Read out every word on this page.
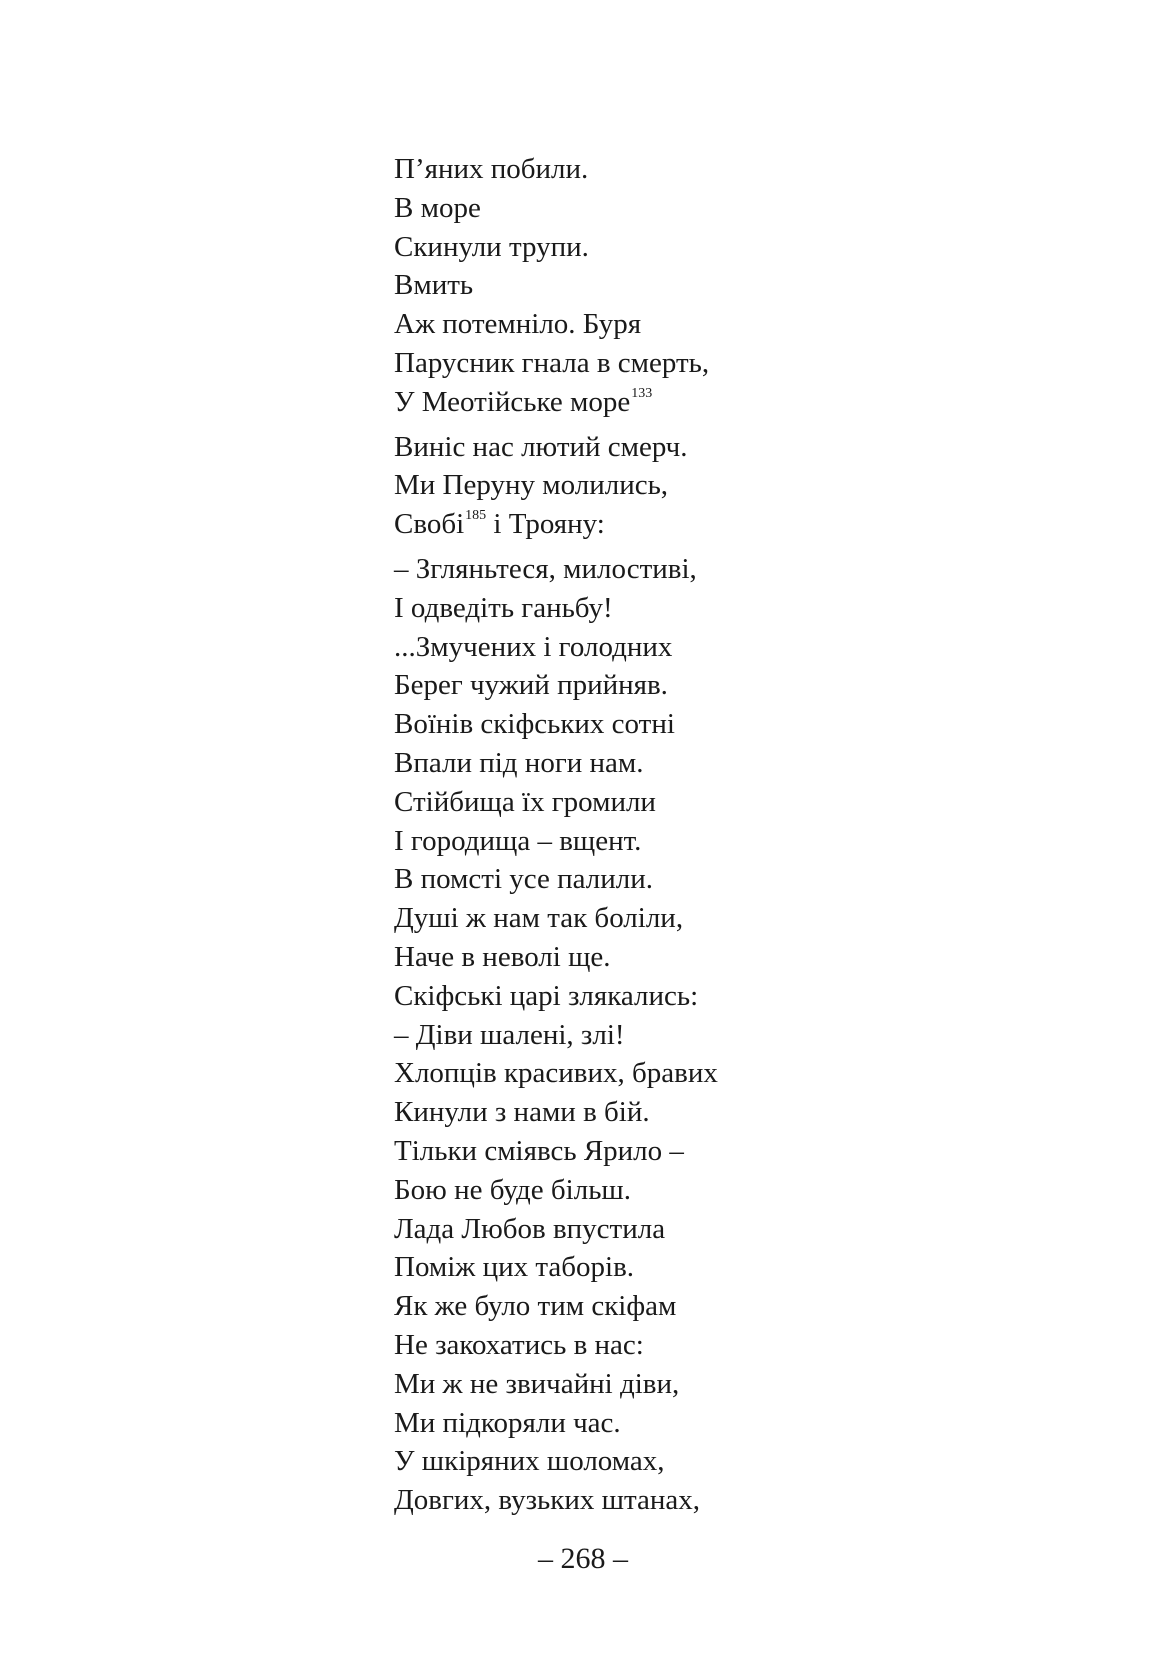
П’яних побили.
В море
Скинули трупи.
Вмить
Аж потемніло. Буря
Парусник гнала в смерть,
У Меотійське море$^{133}$
Виніс нас лютий смерч.
Ми Перуну молились,
Свобі$^{185}$ і Трояну:
– Згляньтеся, милостиві,
І одведіть ганьбу!
...Змучених і голодних
Берег чужий прийняв.
Воїнів скіфських сотні
Впали під ноги нам.
Стійбища їх громили
І городища – вщент.
В помсті усе палили.
Душі ж нам так боліли,
Наче в неволі ще.
Скіфські царі злякались:
– Діви шалені, злі!
Хлопців красивих, бравих
Кинули з нами в бій.
Тільки сміявсь Ярило –
Бою не буде більш.
Лада Любов впустила
Поміж цих таборів.
Як же було тим скіфам
Не закохатись в нас:
Ми ж не звичайні діви,
Ми підкоряли час.
У шкіряних шоломах,
Довгих, вузьких штанах,
– 268 –
